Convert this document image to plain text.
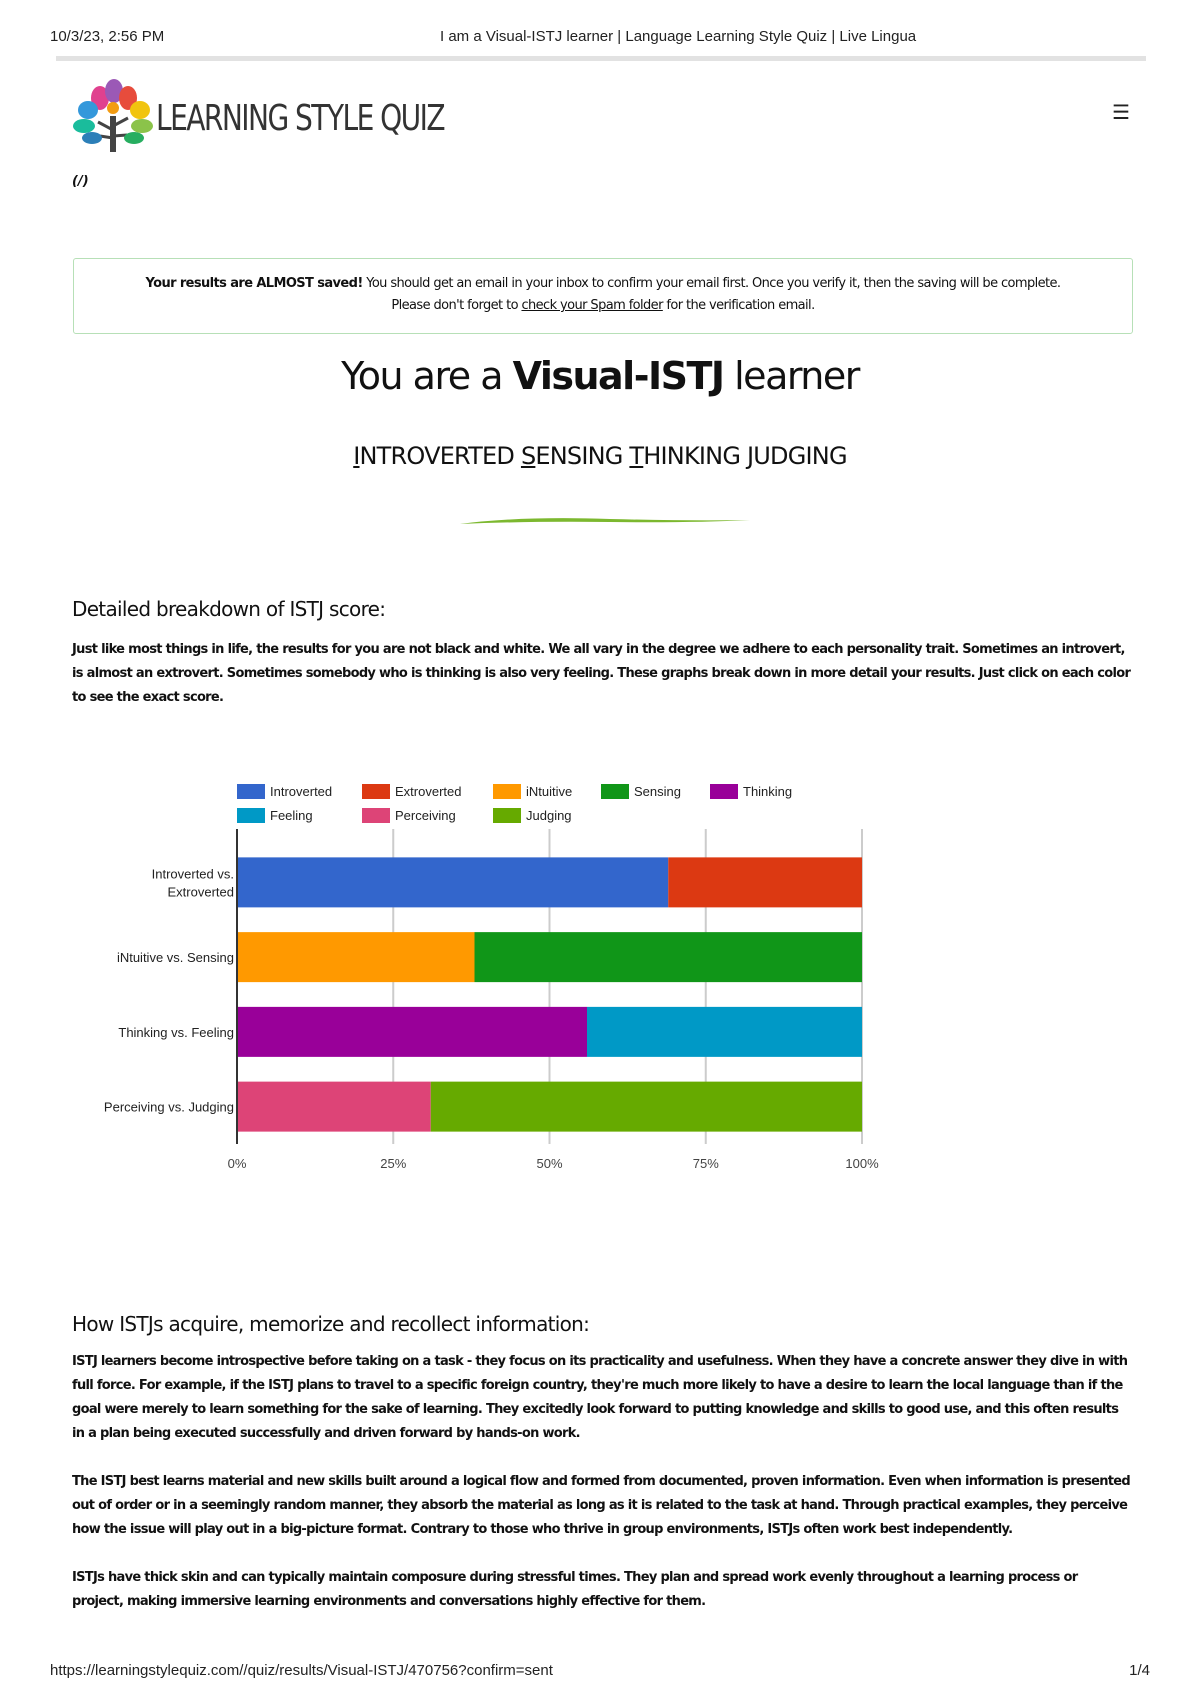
10/3/23, 2:56 PM	I am a Visual-ISTJ learner | Language Learning Style Quiz | Live Lingua
LEARNING STYLE QUIZ	☰
(/)
Your results are ALMOST saved! You should get an email in your inbox to confirm your email first. Once you verify it, then the saving will be complete.
Please don't forget to check your Spam folder for the verification email.
You are a Visual-ISTJ learner
INTROVERTED SENSING THINKING JUDGING
Detailed breakdown of ISTJ score:

Just like most things in life, the results for you are not black and white. We all vary in the degree we adhere to each personality trait. Sometimes an introvert, is almost an extrovert. Sometimes somebody who is thinking is also very feeling. These graphs break down in more detail your results. Just click on each color to see the exact score.

Introverted	Extroverted	iNtuitive	Sensing	Thinking
Feeling	Perceiving	Judging
0%	25%	50%	75%	100%
Introverted vs.
Extroverted
iNtuitive vs. Sensing
Thinking vs. Feeling
Perceiving vs. Judging
How ISTJs acquire, memorize and recollect information:

ISTJ learners become introspective before taking on a task - they focus on its practicality and usefulness. When they have a concrete answer they dive in with full force. For example, if the ISTJ plans to travel to a specific foreign country, they're much more likely to have a desire to learn the local language than if the goal were merely to learn something for the sake of learning. They excitedly look forward to putting knowledge and skills to good use, and this often results in a plan being executed successfully and driven forward by hands-on work.

The ISTJ best learns material and new skills built around a logical flow and formed from documented, proven information. Even when information is presented out of order or in a seemingly random manner, they absorb the material as long as it is related to the task at hand. Through practical examples, they perceive how the issue will play out in a big-picture format. Contrary to those who thrive in group environments, ISTJs often work best independently.

ISTJs have thick skin and can typically maintain composure during stressful times. They plan and spread work evenly throughout a learning process or project, making immersive learning environments and conversations highly effective for them.

https://learningstylequiz.com//quiz/results/Visual-ISTJ/470756?confirm=sent	1/4
